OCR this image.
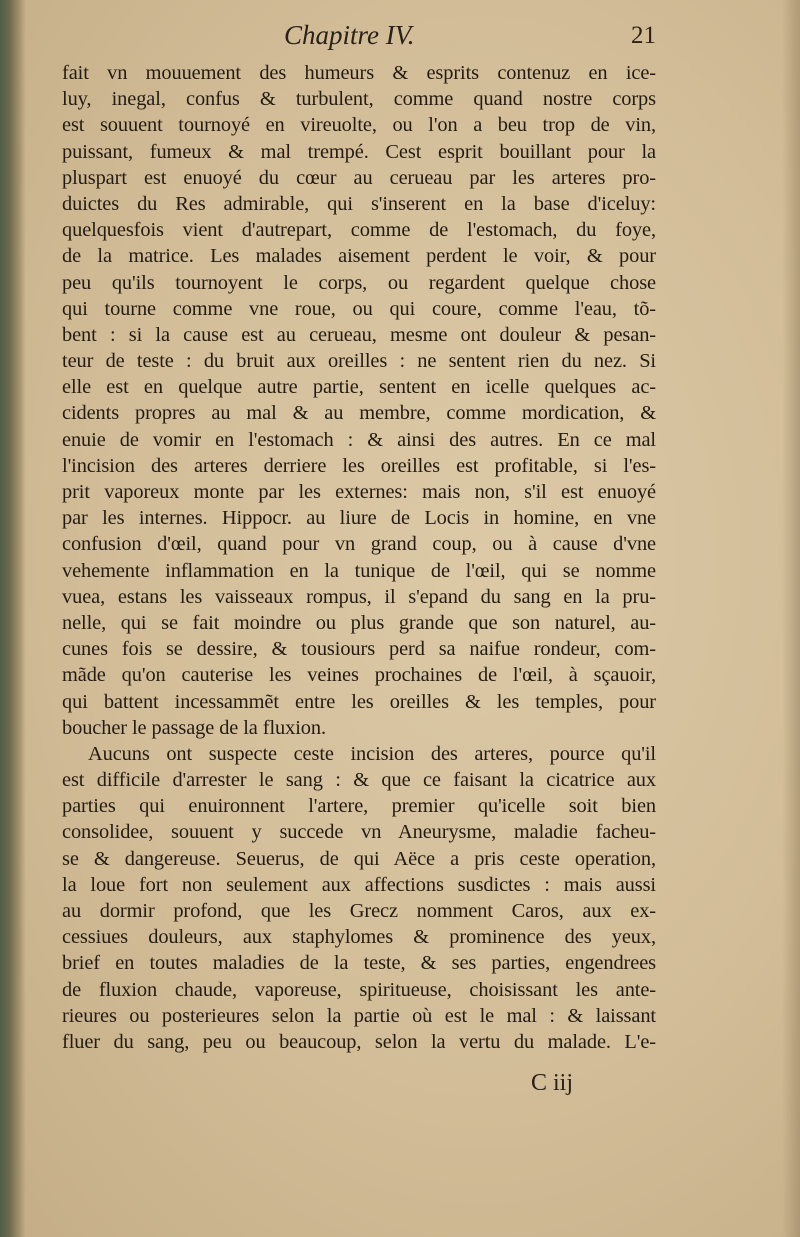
Chapitre IV.	21
fait vn mouuement des humeurs & esprits contenuz en ice-
luy, inegal, confus & turbulent, comme quand nostre corps
est souuent tournoyé en vireuolte, ou l'on a beu trop de vin,
puissant, fumeux & mal trempé. Cest esprit bouillant pour la
pluspart est enuoyé du cœur au cerueau par les arteres pro-
duictes du Res admirable, qui s'inserent en la base d'iceluy:
quelquesfois vient d'autrepart, comme de l'estomach, du foye,
de la matrice. Les malades aisement perdent le voir, & pour
peu qu'ils tournoyent le corps, ou regardent quelque chose
qui tourne comme vne roue, ou qui coure, comme l'eau, tõ-
bent : si la cause est au cerueau, mesme ont douleur & pesan-
teur de teste : du bruit aux oreilles : ne sentent rien du nez. Si
elle est en quelque autre partie, sentent en icelle quelques ac-
cidents propres au mal & au membre, comme mordication, &
enuie de vomir en l'estomach : & ainsi des autres. En ce mal
l'incision des arteres derriere les oreilles est profitable, si l'es-
prit vaporeux monte par les externes: mais non, s'il est enuoyé
par les internes. Hippocr. au liure de Locis in homine, en vne
confusion d'œil, quand pour vn grand coup, ou à cause d'vne
vehemente inflammation en la tunique de l'œil, qui se nomme
vuea, estans les vaisseaux rompus, il s'epand du sang en la pru-
nelle, qui se fait moindre ou plus grande que son naturel, au-
cunes fois se dessire, & tousiours perd sa naifue rondeur, com-
mãde qu'on cauterise les veines prochaines de l'œil, à sçauoir,
qui battent incessammẽt entre les oreilles & les temples, pour
boucher le passage de la fluxion.
Aucuns ont suspecte ceste incision des arteres, pource qu'il
est difficile d'arrester le sang : & que ce faisant la cicatrice aux
parties qui enuironnent l'artere, premier qu'icelle soit bien
consolidee, souuent y succede vn Aneurysme, maladie facheu-
se & dangereuse. Seuerus, de qui Aëce a pris ceste operation,
la loue fort non seulement aux affections susdictes : mais aussi
au dormir profond, que les Grecz nomment Caros, aux ex-
cessiues douleurs, aux staphylomes & prominence des yeux,
brief en toutes maladies de la teste, & ses parties, engendrees
de fluxion chaude, vaporeuse, spiritueuse, choisissant les ante-
rieures ou posterieures selon la partie où est le mal : & laissant
fluer du sang, peu ou beaucoup, selon la vertu du malade. L'e-
C iij
